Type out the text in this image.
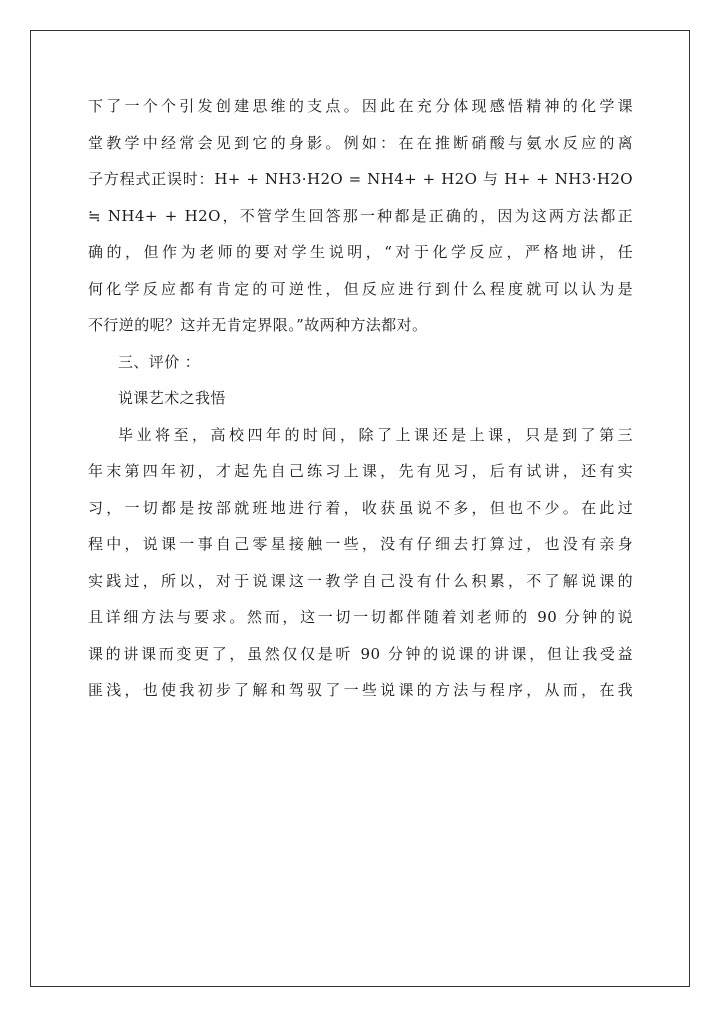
下了一个个引发创建思维的支点。因此在充分体现感悟精神的化学课
堂教学中经常会见到它的身影。例如：在在推断硝酸与氨水反应的离
子方程式正误时：H+ + NH3·H2O = NH4+ + H2O 与 H+ + NH3·H2O
≒ NH4+ + H2O，不管学生回答那一种都是正确的，因为这两方法都正
确的，但作为老师的要对学生说明，“对于化学反应，严格地讲，任
何化学反应都有肯定的可逆性，但反应进行到什么程度就可以认为是
不行逆的呢？这并无肯定界限。”故两种方法都对。
三、评价 ：
说课艺术之我悟
毕业将至，高校四年的时间，除了上课还是上课，只是到了第三
年末第四年初，才起先自己练习上课，先有见习，后有试讲，还有实
习，一切都是按部就班地进行着，收获虽说不多，但也不少。在此过
程中，说课一事自己零星接触一些，没有仔细去打算过，也没有亲身
实践过，所以，对于说课这一教学自己没有什么积累，不了解说课的
且详细方法与要求。然而，这一切一切都伴随着刘老师的 90 分钟的说
课的讲课而变更了，虽然仅仅是听 90 分钟的说课的讲课，但让我受益
匪浅，也使我初步了解和驾驭了一些说课的方法与程序，从而，在我
